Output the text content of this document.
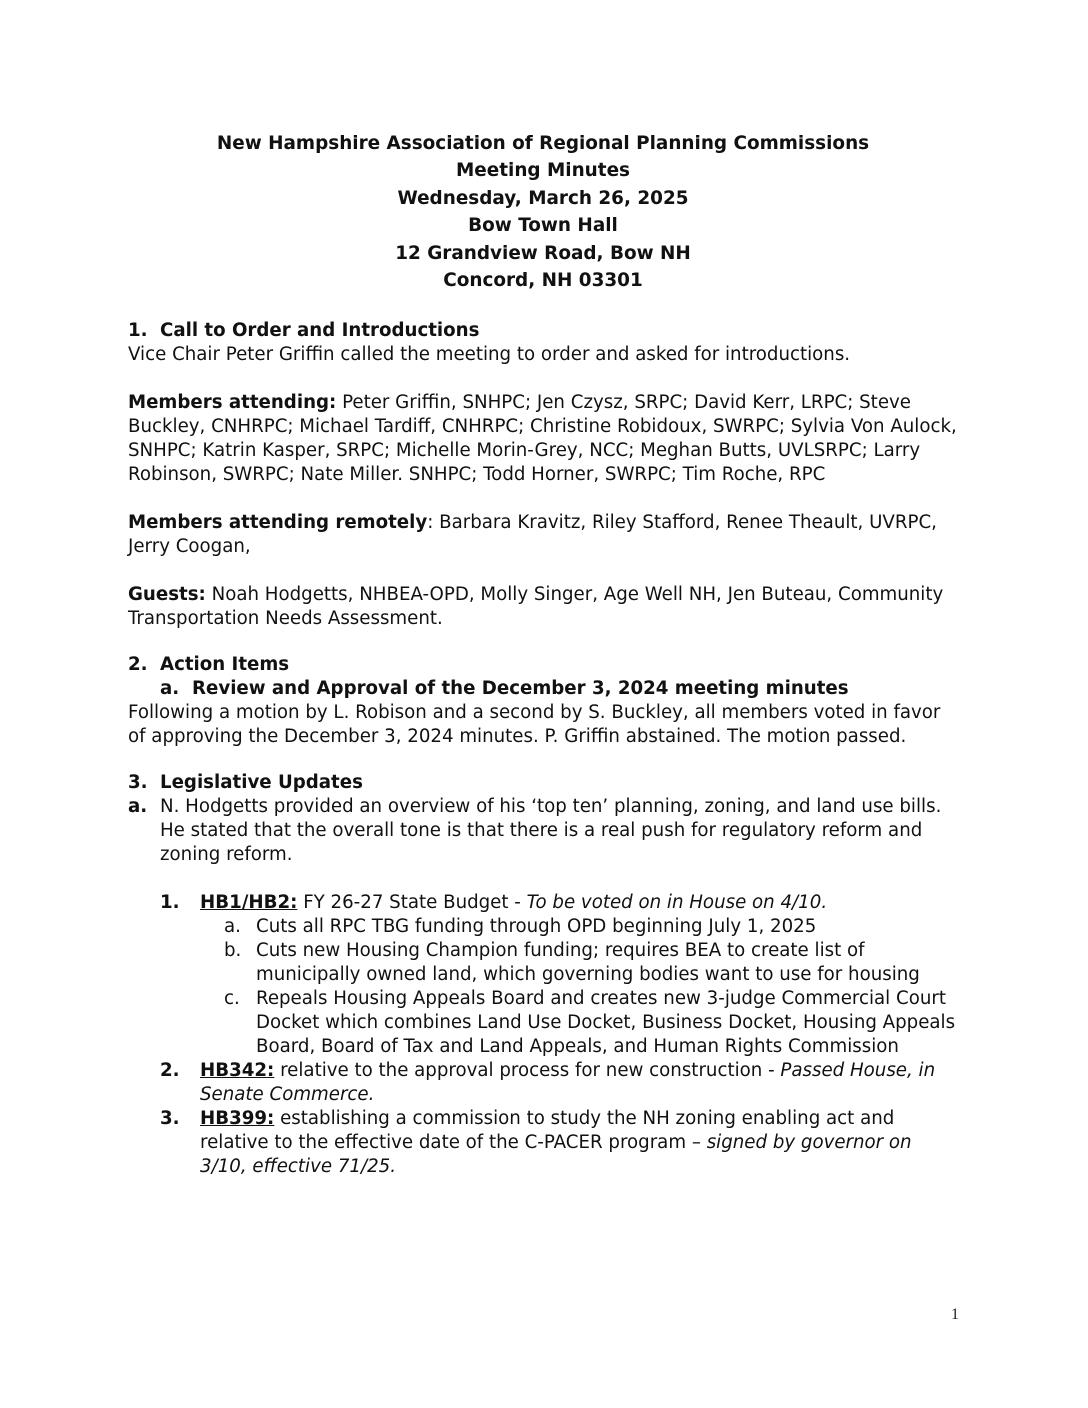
New Hampshire Association of Regional Planning Commissions
Meeting Minutes
Wednesday, March 26, 2025
Bow Town Hall
12 Grandview Road, Bow NH
Concord, NH 03301
1. Call to Order and Introductions

Vice Chair Peter Griffin called the meeting to order and asked for introductions.

Members attending: Peter Griffin, SNHPC; Jen Czysz, SRPC; David Kerr, LRPC; Steve Buckley, CNHRPC; Michael Tardiff, CNHRPC; Christine Robidoux, SWRPC; Sylvia Von Aulock, SNHPC; Katrin Kasper, SRPC; Michelle Morin-Grey, NCC; Meghan Butts, UVLSRPC; Larry Robinson, SWRPC; Nate Miller. SNHPC; Todd Horner, SWRPC; Tim Roche, RPC

Members attending remotely: Barbara Kravitz, Riley Stafford, Renee Theault, UVRPC, Jerry Coogan,

Guests: Noah Hodgetts, NHBEA-OPD, Molly Singer, Age Well NH, Jen Buteau, Community Transportation Needs Assessment.

2. Action Items
a. Review and Approval of the December 3, 2024 meeting minutes

Following a motion by L. Robison and a second by S. Buckley, all members voted in favor of approving the December 3, 2024 minutes. P. Griffin abstained. The motion passed.

3. Legislative Updates
a. N. Hodgetts provided an overview of his ‘top ten’ planning, zoning, and land use bills. He stated that the overall tone is that there is a real push for regulatory reform and zoning reform.
1. HB1/HB2: FY 26-27 State Budget - To be voted on in House on 4/10.
a. Cuts all RPC TBG funding through OPD beginning July 1, 2025
b. Cuts new Housing Champion funding; requires BEA to create list of municipally owned land, which governing bodies want to use for housing
c. Repeals Housing Appeals Board and creates new 3-judge Commercial Court Docket which combines Land Use Docket, Business Docket, Housing Appeals Board, Board of Tax and Land Appeals, and Human Rights Commission
2. HB342: relative to the approval process for new construction - Passed House, in Senate Commerce.
3. HB399: establishing a commission to study the NH zoning enabling act and relative to the effective date of the C-PACER program – signed by governor on 3/10, effective 71/25.
1
